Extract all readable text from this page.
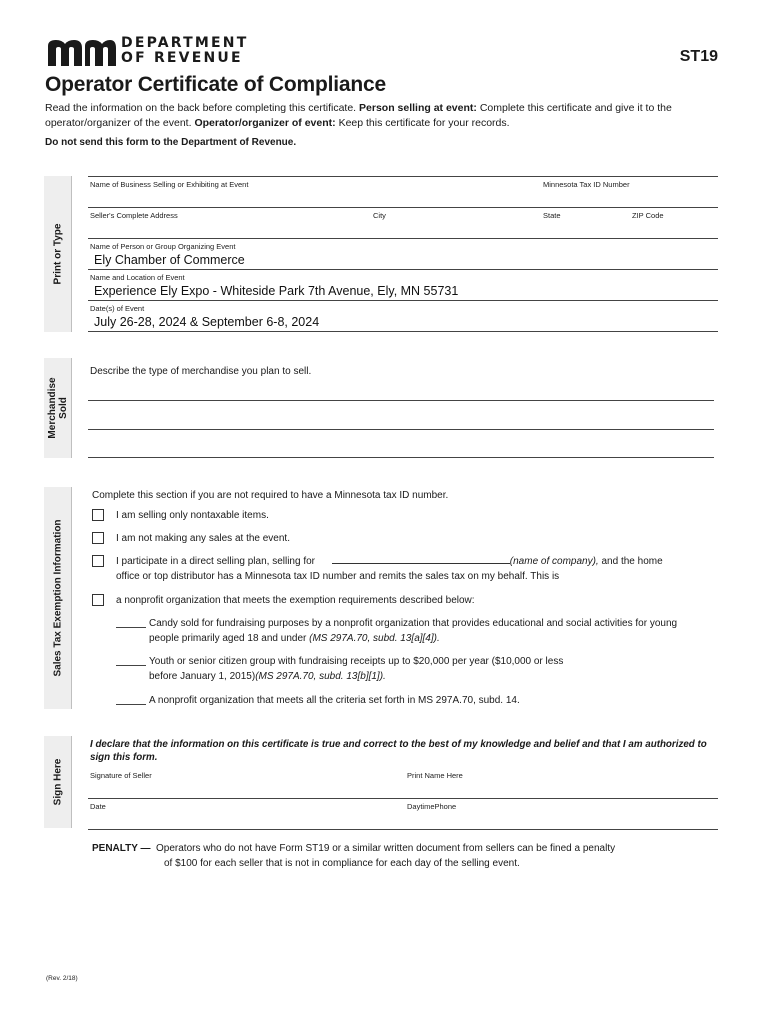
DEPARTMENT
OF REVENUE	ST19
Operator Certificate of Compliance
Read the information on the back before completing this certificate. Person selling at event: Complete this certificate and give it to the operator/organizer of the event. Operator/organizer of event: Keep this certificate for your records.
Do not send this form to the Department of Revenue.
Print or Type
Name of Business Selling or Exhibiting at Event	Minnesota Tax ID Number
Seller's Complete Address	City	State	ZIP Code
Name of Person or Group Organizing Event
Ely Chamber of Commerce
Name and Location of Event
Experience Ely Expo - Whiteside Park 7th Avenue, Ely, MN 55731
Date(s) of Event
July 26-28, 2024 & September 6-8, 2024
Merchandise Sold
Describe the type of merchandise you plan to sell.
Sales Tax Exemption Information
Complete this section if you are not required to have a Minnesota tax ID number.
I am selling only nontaxable items.
I am not making any sales at the event.
I participate in a direct selling plan, selling for	(name of company), and the home
office or top distributor has a Minnesota tax ID number and remits the sales tax on my behalf. This is
a nonprofit organization that meets the exemption requirements described below:
Candy sold for fundraising purposes by a nonprofit organization that provides educational and social activities for young
people primarily aged 18 and under (MS 297A.70, subd. 13[a][4]).
Youth or senior citizen group with fundraising receipts up to $20,000 per year ($10,000 or less
before January 1, 2015)(MS 297A.70, subd. 13[b][1]).
A nonprofit organization that meets all the criteria set forth in MS 297A.70, subd. 14.
Sign Here
I declare that the information on this certificate is true and correct to the best of my knowledge and belief and that I am authorized to sign this form.
Signature of Seller	Print Name Here
Date	DaytimePhone
PENALTY — Operators who do not have Form ST19 or a similar written document from sellers can be fined a penalty
of $100 for each seller that is not in compliance for each day of the selling event.
(Rev. 2/18)
